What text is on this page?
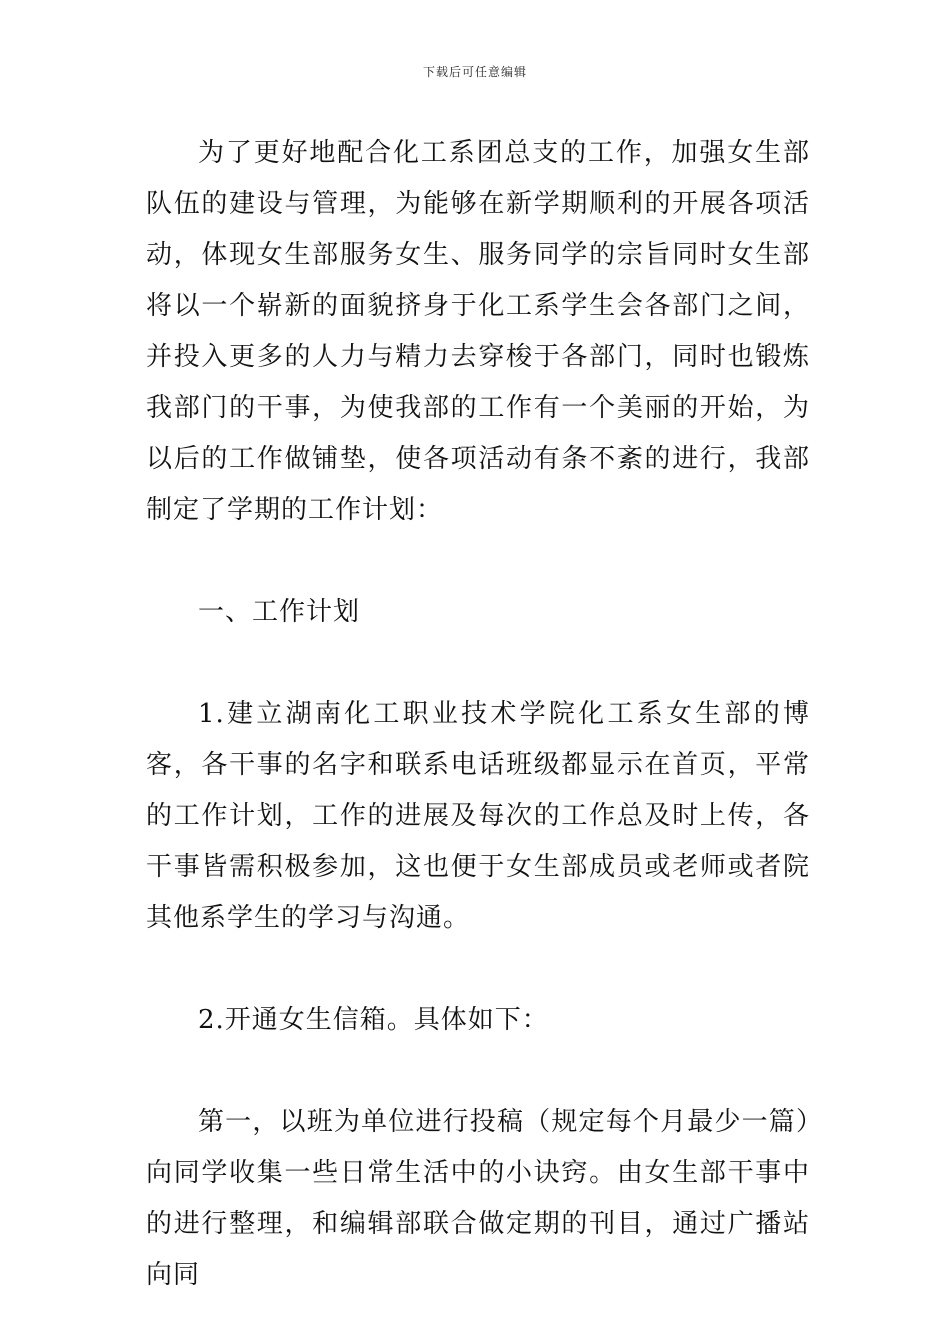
下载后可任意编辑

为了更好地配合化工系团总支的工作，加强女生部队伍的建设与管理，为能够在新学期顺利的开展各项活动，体现女生部服务女生、服务同学的宗旨同时女生部将以一个崭新的面貌挤身于化工系学生会各部门之间，并投入更多的人力与精力去穿梭于各部门，同时也锻炼我部门的干事，为使我部的工作有一个美丽的开始，为以后的工作做铺垫，使各项活动有条不紊的进行，我部制定了学期的工作计划：

一、工作计划

1.建立湖南化工职业技术学院化工系女生部的博客，各干事的名字和联系电话班级都显示在首页，平常的工作计划，工作的进展及每次的工作总及时上传，各干事皆需积极参加，这也便于女生部成员或老师或者院其他系学生的学习与沟通。

2.开通女生信箱。具体如下：

第一，以班为单位进行投稿（规定每个月最少一篇）向同学收集一些日常生活中的小诀窍。由女生部干事中的进行整理，和编辑部联合做定期的刊目，通过广播站向同
